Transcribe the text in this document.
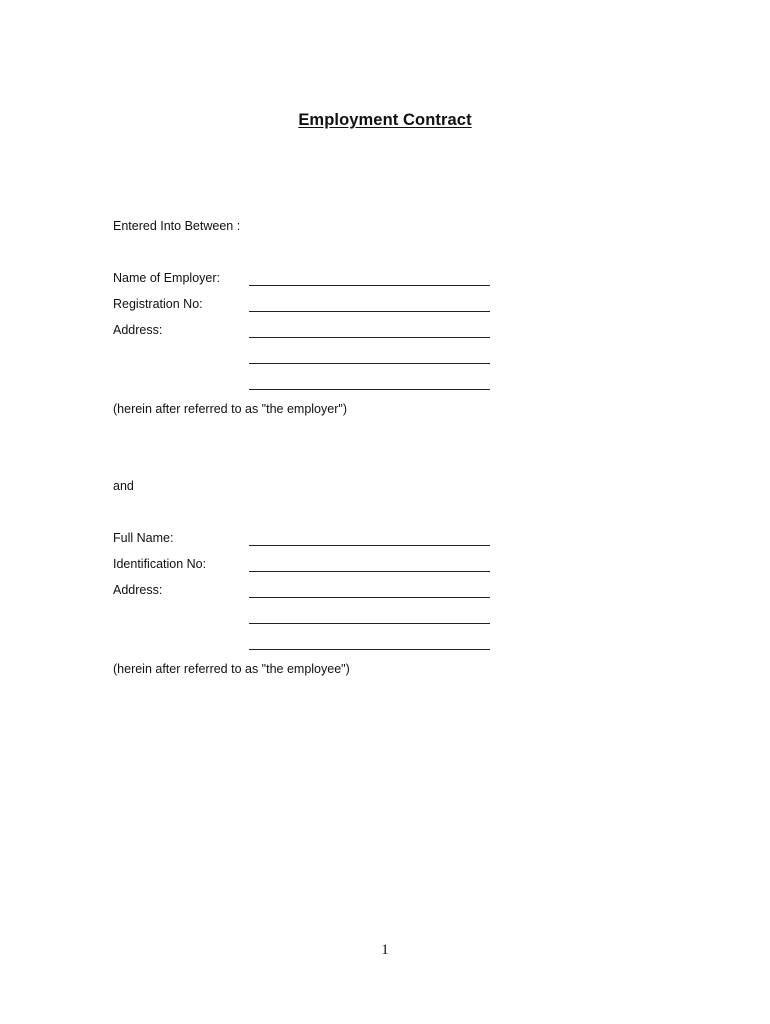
Employment Contract
Entered Into Between :
Name of Employer:
Registration No:
Address:
(herein after referred to as "the employer")
and
Full Name:
Identification No:
Address:
(herein after referred to as "the employee")
1
